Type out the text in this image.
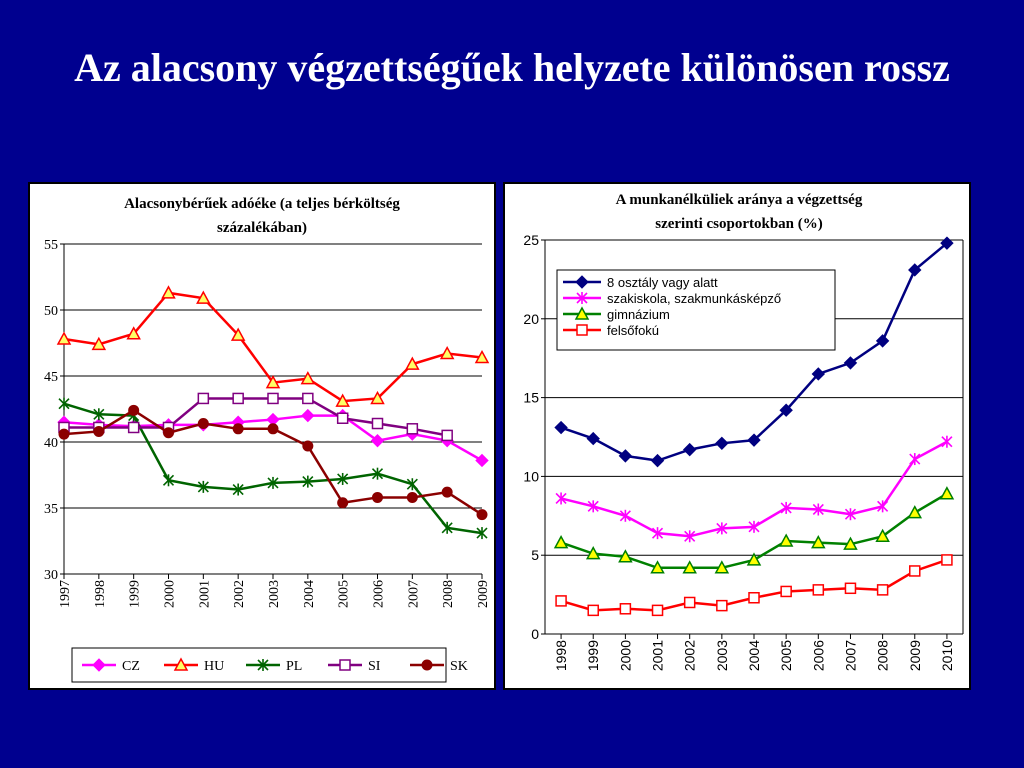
Az alacsony végzettségűek helyzete különösen rossz
Alacsonybérűek adóéke (a teljes bérköltség
százalékában)
30
35
40
45
50
55
1997 1998 1999 2000 2001 2002 2003 2004 2005 2006 2007 2008 2009
CZ	HU	PL	SI	SK
A munkanélküliek aránya a végzettség
szerinti csoportokban (%)
0
5
10
15
20
25
1998 1999 2000 2001 2002 2003 2004 2005 2006 2007 2008 2009 2010
8 osztály vagy alatt
szakiskola, szakmunkásképző
gimnázium
felsőfokú
